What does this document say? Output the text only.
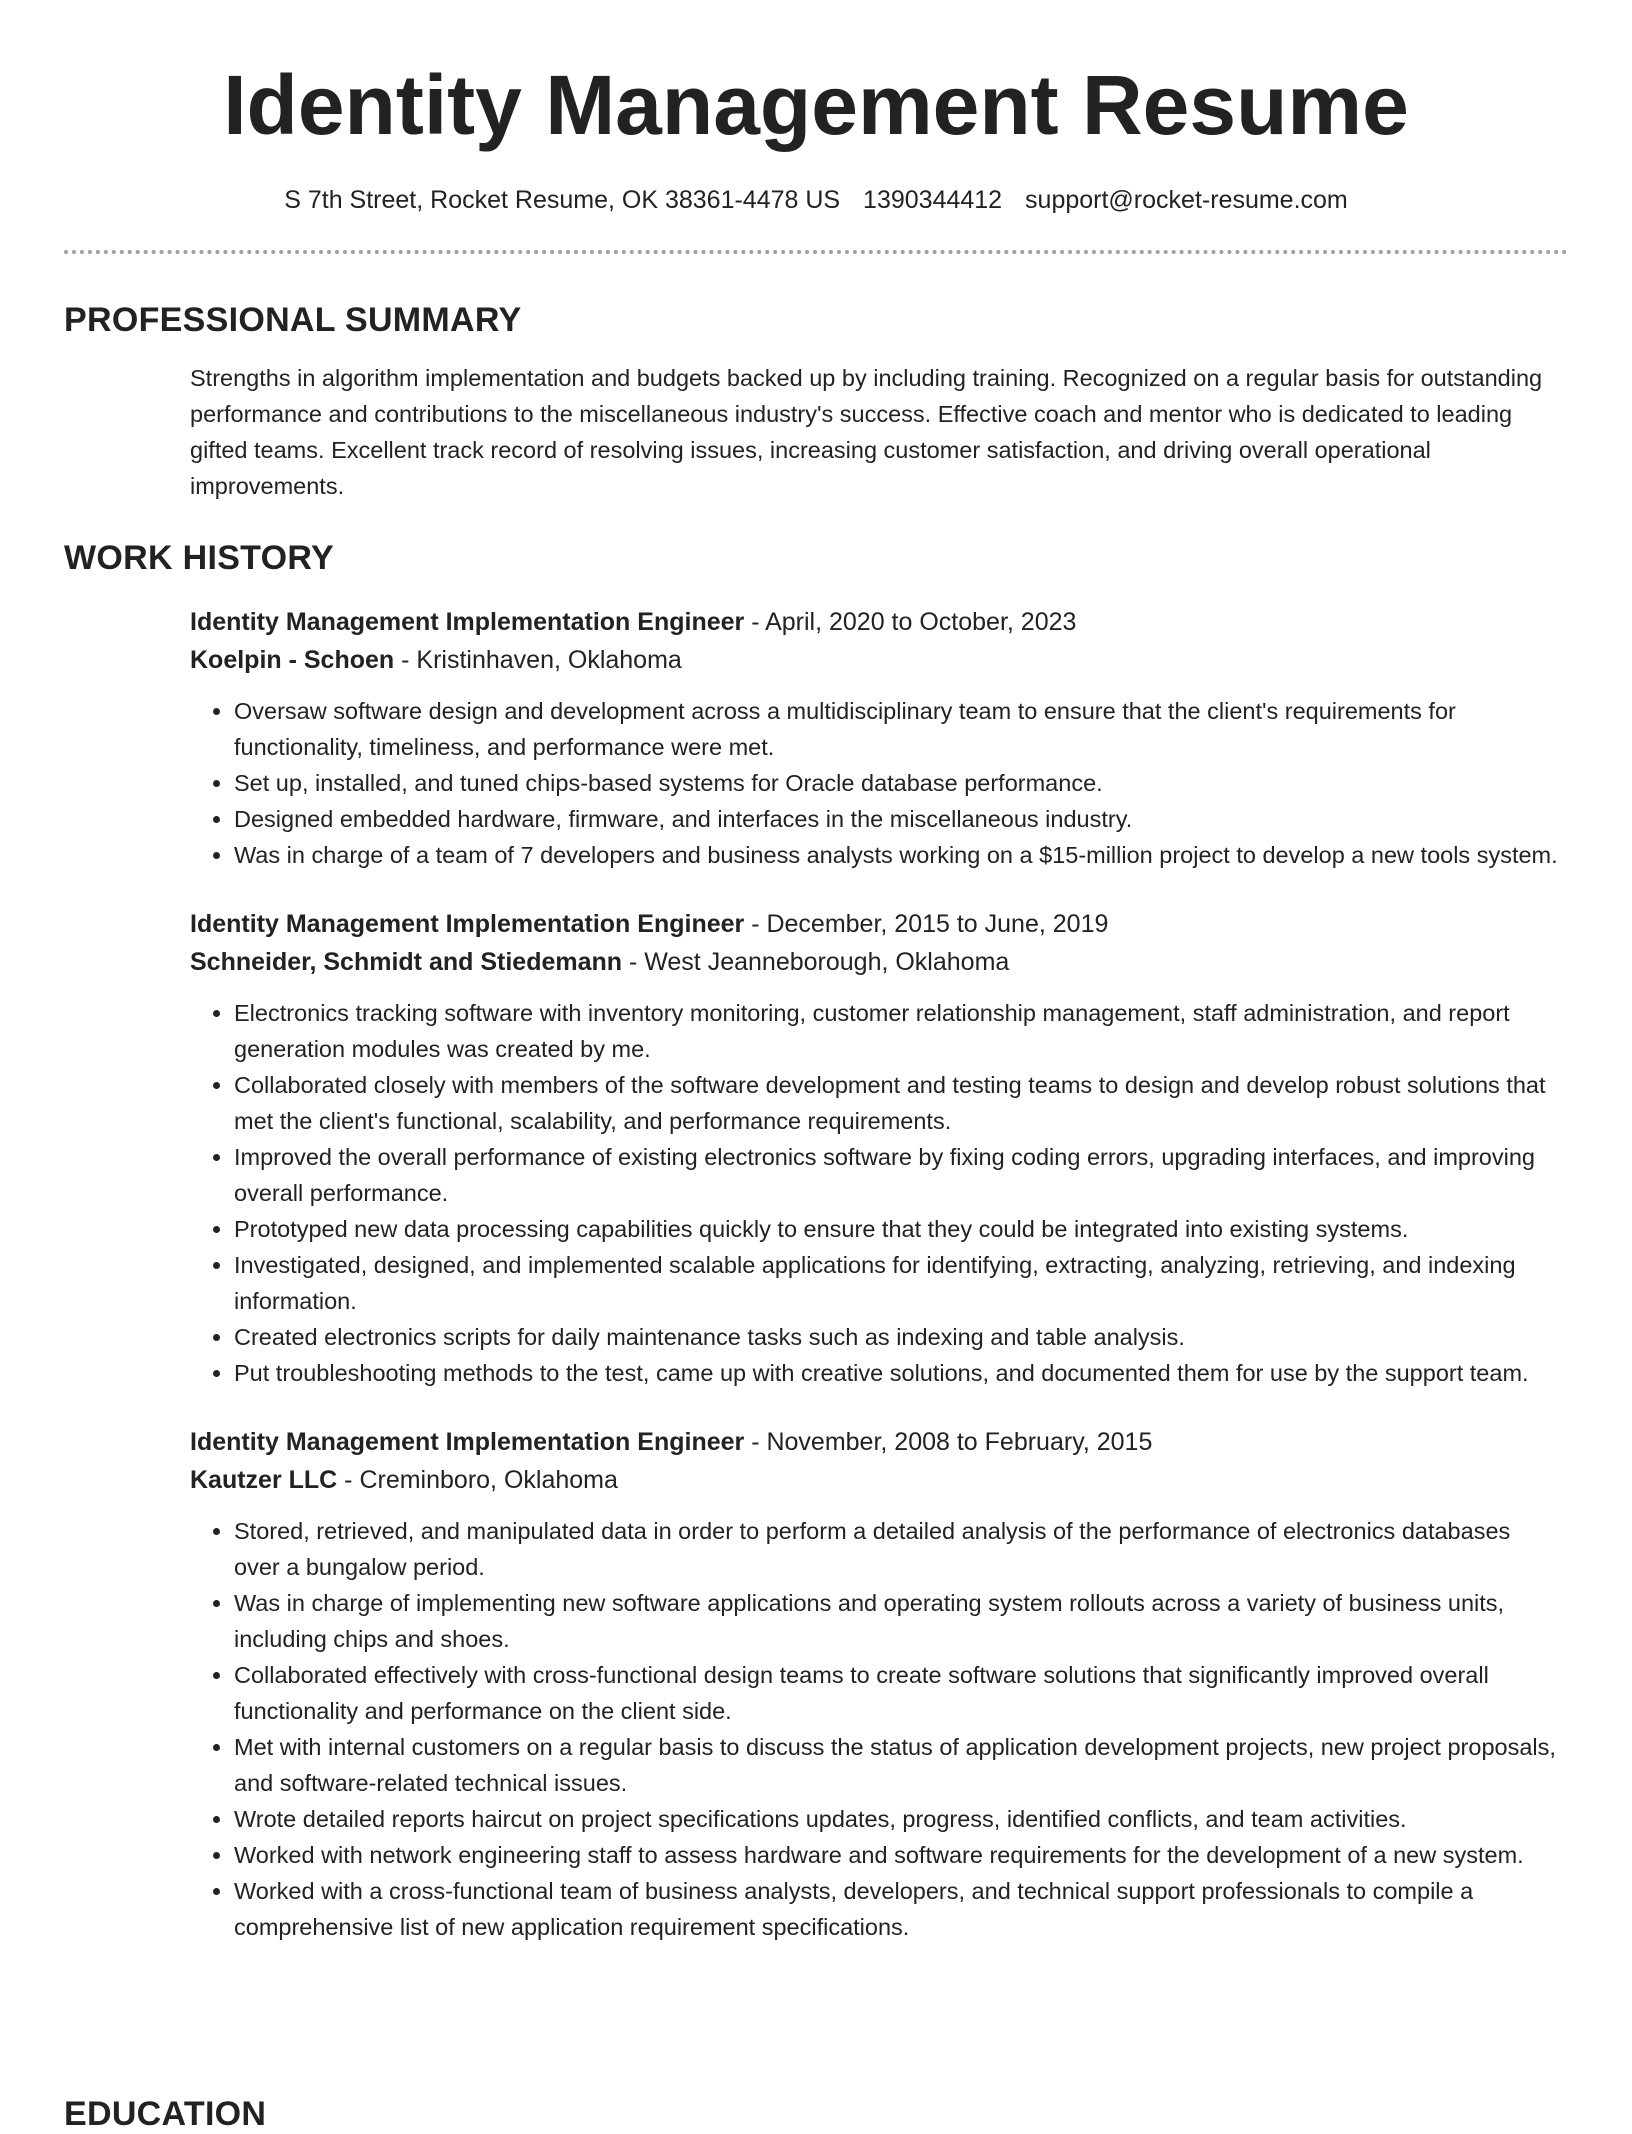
Identity Management Resume
S 7th Street, Rocket Resume, OK 38361-4478 US 1390344412 support@rocket-resume.com
PROFESSIONAL SUMMARY

Strengths in algorithm implementation and budgets backed up by including training. Recognized on a regular basis for outstanding performance and contributions to the miscellaneous industry's success. Effective coach and mentor who is dedicated to leading gifted teams. Excellent track record of resolving issues, increasing customer satisfaction, and driving overall operational improvements.

WORK HISTORY
Identity Management Implementation Engineer - April, 2020 to October, 2023
Koelpin - Schoen - Kristinhaven, Oklahoma
• Oversaw software design and development across a multidisciplinary team to ensure that the client's requirements for functionality, timeliness, and performance were met.
• Set up, installed, and tuned chips-based systems for Oracle database performance.
• Designed embedded hardware, firmware, and interfaces in the miscellaneous industry.
• Was in charge of a team of 7 developers and business analysts working on a $15-million project to develop a new tools system.
Identity Management Implementation Engineer - December, 2015 to June, 2019
Schneider, Schmidt and Stiedemann - West Jeanneborough, Oklahoma
• Electronics tracking software with inventory monitoring, customer relationship management, staff administration, and report generation modules was created by me.
• Collaborated closely with members of the software development and testing teams to design and develop robust solutions that met the client's functional, scalability, and performance requirements.
• Improved the overall performance of existing electronics software by fixing coding errors, upgrading interfaces, and improving overall performance.
• Prototyped new data processing capabilities quickly to ensure that they could be integrated into existing systems.
• Investigated, designed, and implemented scalable applications for identifying, extracting, analyzing, retrieving, and indexing information.
• Created electronics scripts for daily maintenance tasks such as indexing and table analysis.
• Put troubleshooting methods to the test, came up with creative solutions, and documented them for use by the support team.
Identity Management Implementation Engineer - November, 2008 to February, 2015
Kautzer LLC - Creminboro, Oklahoma
• Stored, retrieved, and manipulated data in order to perform a detailed analysis of the performance of electronics databases over a bungalow period.
• Was in charge of implementing new software applications and operating system rollouts across a variety of business units, including chips and shoes.
• Collaborated effectively with cross-functional design teams to create software solutions that significantly improved overall functionality and performance on the client side.
• Met with internal customers on a regular basis to discuss the status of application development projects, new project proposals, and software-related technical issues.
• Wrote detailed reports haircut on project specifications updates, progress, identified conflicts, and team activities.
• Worked with network engineering staff to assess hardware and software requirements for the development of a new system.
• Worked with a cross-functional team of business analysts, developers, and technical support professionals to compile a comprehensive list of new application requirement specifications.
EDUCATION
